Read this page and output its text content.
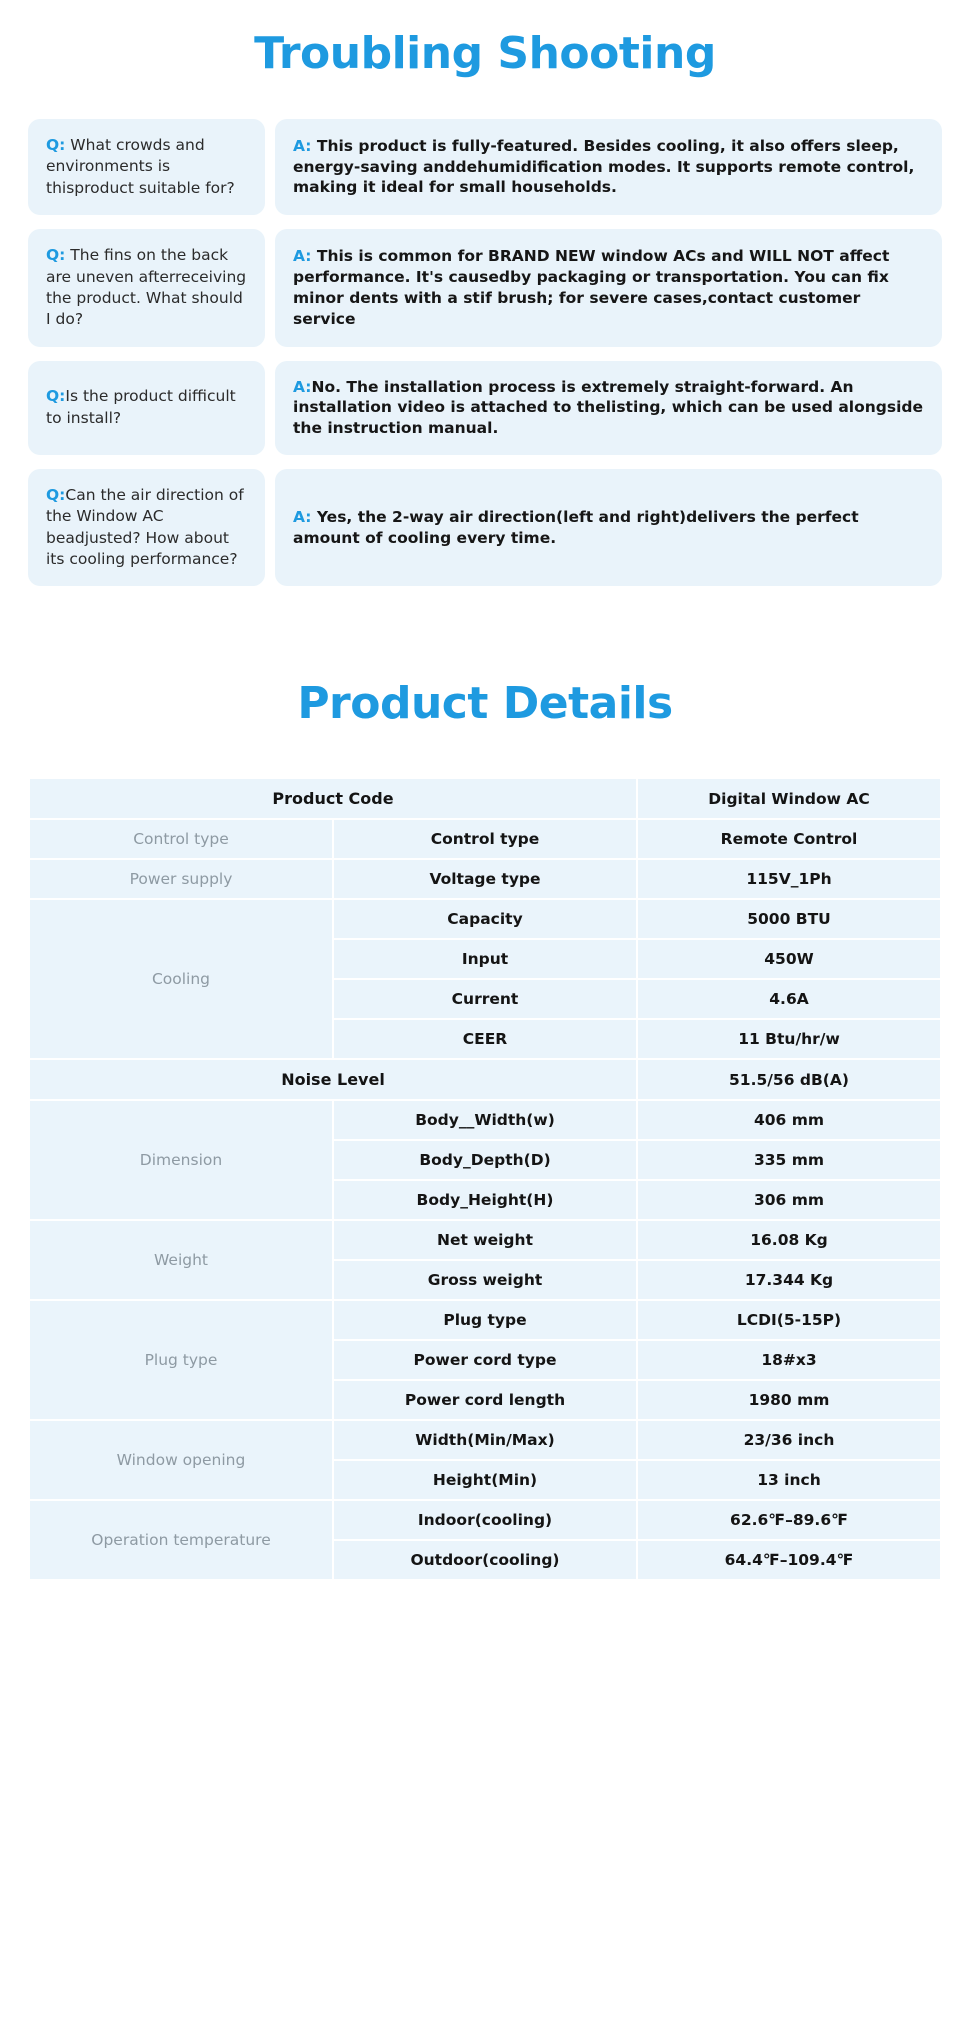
Troubling Shooting
Q: What crowds and environments is thisproduct suitable for?
A: This product is fully-featured. Besides cooling, it also offers sleep, energy-saving anddehumidification modes. It supports remote control, making it ideal for small households.
Q: The fins on the back are uneven afterreceiving the product. What should I do?
A: This is common for BRAND NEW window ACs and WILL NOT affect performance. It's causedby packaging or transportation. You can fix minor dents with a stif brush; for severe cases,contact customer service
Q:Is the product difficult to install?
A:No. The installation process is extremely straight-forward. An installation video is attached to thelisting, which can be used alongside the instruction manual.
Q:Can the air direction of the Window AC beadjusted? How about its cooling performance?
A: Yes, the 2-way air direction(left and right)delivers the perfect amount of cooling every time.
Product Details
Product Code		Digital Window AC
Control type	Control type	Remote Control
Power supply	Voltage type	115V_1Ph
Cooling	Capacity	5000 BTU
	Input	450W
	Current	4.6A
	CEER	11 Btu/hr/w
Noise Level		51.5/56 dB(A)
Dimension	Body__Width(w)	406 mm
	Body_Depth(D)	335 mm
	Body_Height(H)	306 mm
Weight	Net weight	16.08 Kg
	Gross weight	17.344 Kg
Plug type	Plug type	LCDI(5-15P)
	Power cord type	18#x3
	Power cord length	1980 mm
Window opening	Width(Min/Max)	23/36 inch
	Height(Min)	13 inch
Operation temperature	Indoor(cooling)	62.6℉–89.6℉
	Outdoor(cooling)	64.4℉–109.4℉
